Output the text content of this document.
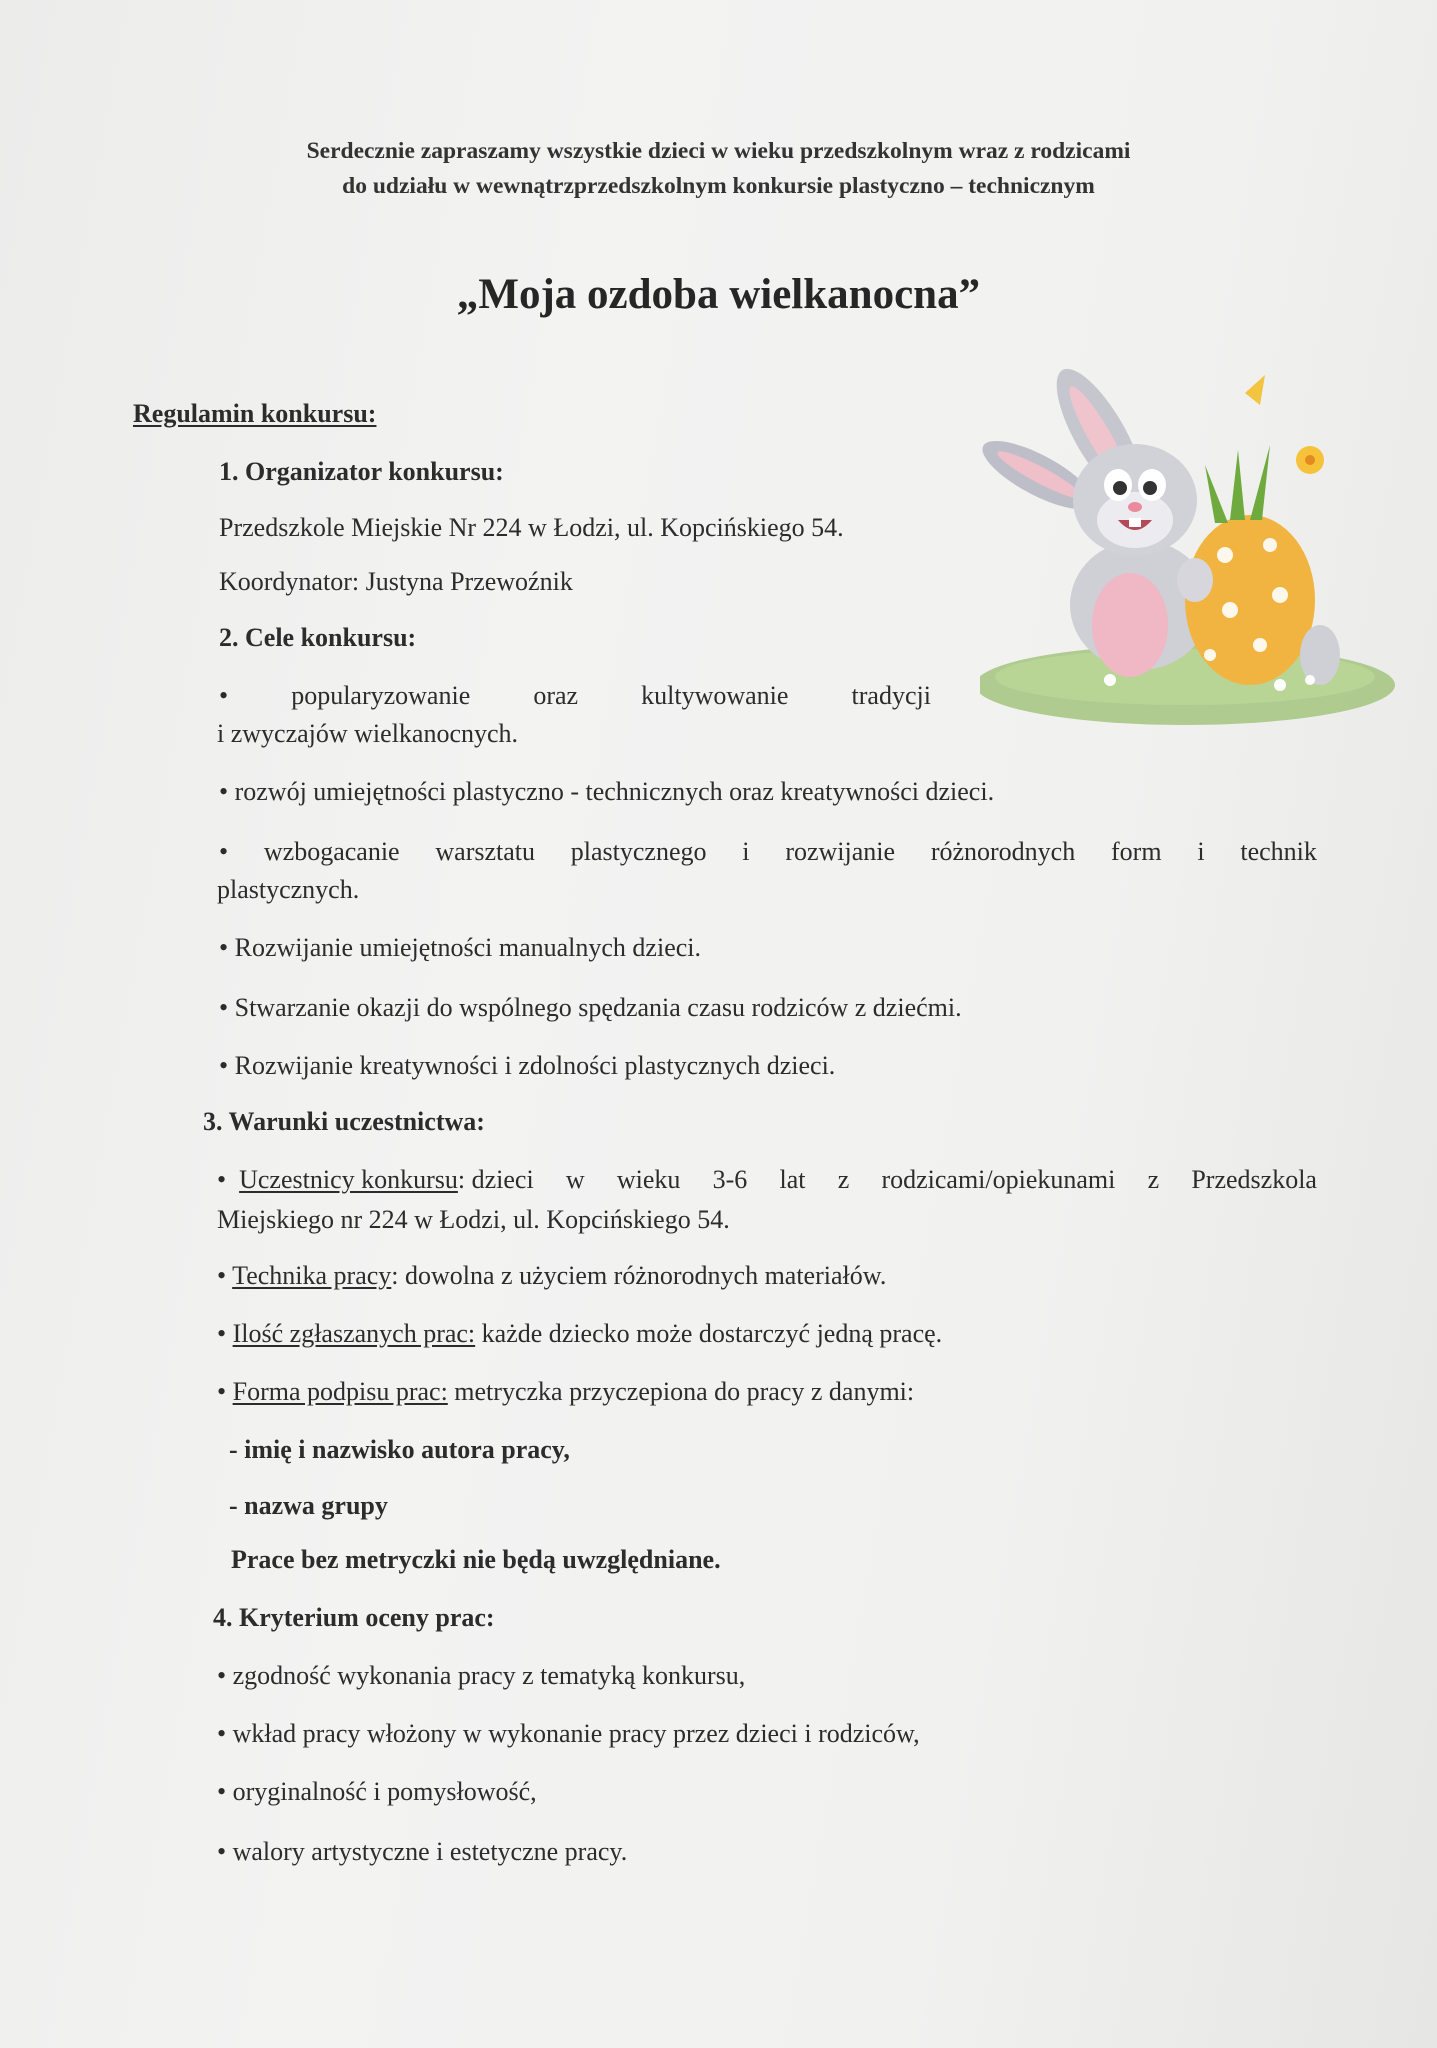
Serdecznie zapraszamy wszystkie dzieci w wieku przedszkolnym wraz z rodzicami
do udziału w wewnątrzprzedszkolnym konkursie plastyczno – technicznym
„Moja ozdoba wielkanocna”
Regulamin konkursu:
1. Organizator konkursu:
Przedszkole Miejskie Nr 224 w Łodzi, ul. Kopcińskiego 54.
Koordynator: Justyna Przewoźnik
2. Cele konkursu:
• popularyzowanie oraz kultywowanie tradycji
i zwyczajów wielkanocnych.
• rozwój umiejętności plastyczno - technicznych oraz kreatywności dzieci.
• wzbogacanie warsztatu plastycznego i rozwijanie różnorodnych form i technik
plastycznych.
• Rozwijanie umiejętności manualnych dzieci.
• Stwarzanie okazji do wspólnego spędzania czasu rodziców z dziećmi.
• Rozwijanie kreatywności i zdolności plastycznych dzieci.
3. Warunki uczestnictwa:
• Uczestnicy konkursu: dzieci w wieku 3-6 lat z rodzicami/opiekunami z Przedszkola
Miejskiego nr 224 w Łodzi, ul. Kopcińskiego 54.
• Technika pracy: dowolna z użyciem różnorodnych materiałów.
• Ilość zgłaszanych prac: każde dziecko może dostarczyć jedną pracę.
• Forma podpisu prac: metryczka przyczepiona do pracy z danymi:
- imię i nazwisko autora pracy,
- nazwa grupy
Prace bez metryczki nie będą uwzględniane.
4. Kryterium oceny prac:
• zgodność wykonania pracy z tematyką konkursu,
• wkład pracy włożony w wykonanie pracy przez dzieci i rodziców,
• oryginalność i pomysłowość,
• walory artystyczne i estetyczne pracy.
